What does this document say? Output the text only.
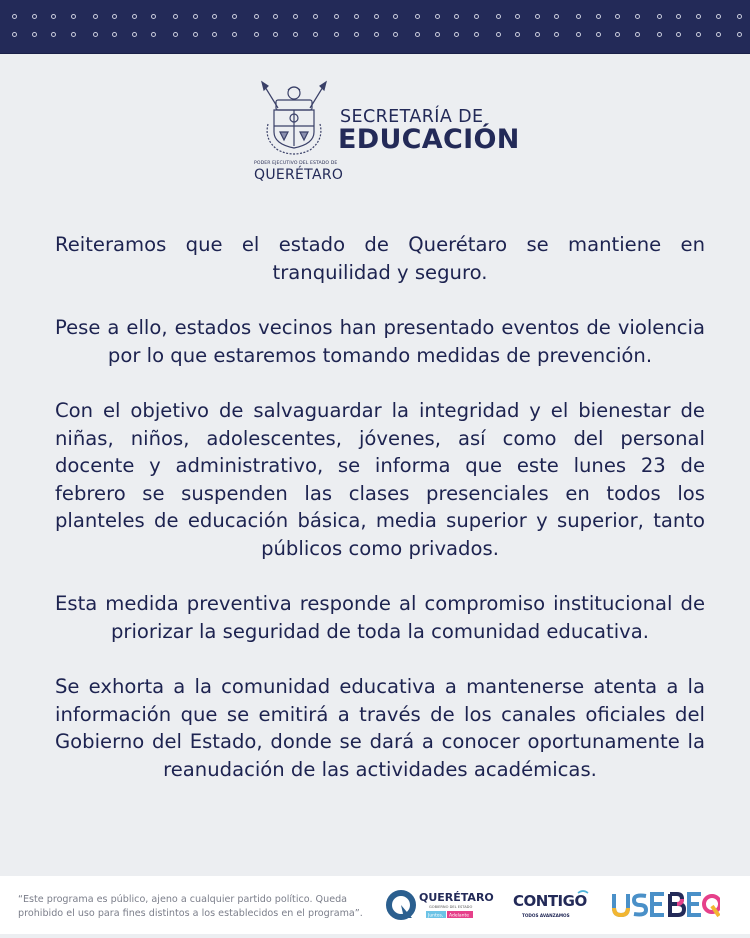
PODER EJECUTIVO DEL ESTADO DE
QUERÉTARO
SECRETARÍA DE
EDUCACIÓN
Reiteramos que el estado de Querétaro se mantiene en tranquilidad y seguro.
Pese a ello, estados vecinos han presentado eventos de violencia por lo que estaremos tomando medidas de prevención.
Con el objetivo de salvaguardar la integridad y el bienestar de niñas, niños, adolescentes, jóvenes, así como del personal docente y administrativo, se informa que este lunes 23 de febrero se suspenden las clases presenciales en todos los planteles de educación básica, media superior y superior, tanto públicos como privados.
Esta medida preventiva responde al compromiso institucional de priorizar la seguridad de toda la comunidad educativa.
Se exhorta a la comunidad educativa a mantenerse atenta a la información que se emitirá a través de los canales oficiales del Gobierno del Estado, donde se dará a conocer oportunamente la reanudación de las actividades académicas.
“Este programa es público, ajeno a cualquier partido político. Queda prohibido el uso para fines distintos a los establecidos en el programa”.
QUERÉTARO
GOBIERNO DEL ESTADO
Juntos, Adelante
CONTIGO
TODOS AVANZAMOS
